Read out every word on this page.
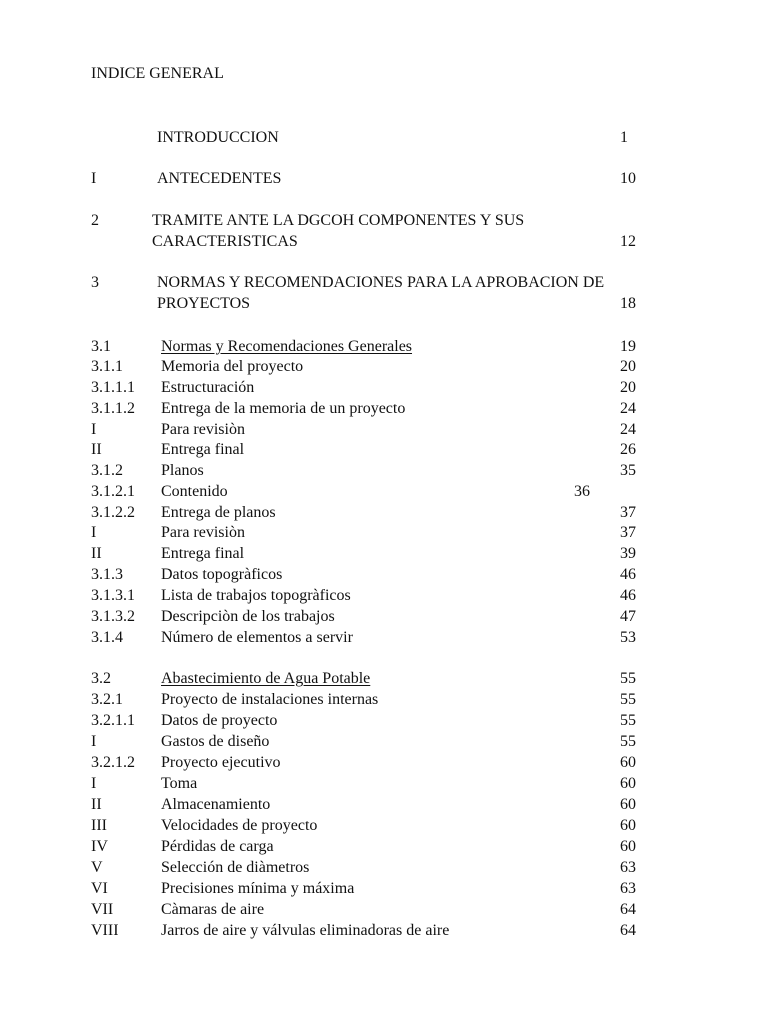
INDICE GENERAL
INTRODUCCION	1
I	ANTECEDENTES	10
2	TRAMITE ANTE LA DGCOH COMPONENTES Y SUS
CARACTERISTICAS	12
3	NORMAS Y RECOMENDACIONES PARA LA APROBACION DE
PROYECTOS	18
3.1	Normas y Recomendaciones Generales	19
3.1.1 Memoria del proyecto	20
3.1.1.1 Estructuración	20
3.1.1.2 Entrega de la memoria de un proyecto	24
I	Para revisiòn	24
II	Entrega final	26
3.1.2 Planos	35
3.1.2.1 Contenido	36
3.1.2.2 Entrega de planos	37
I	Para revisiòn	37
II	Entrega final	39
3.1.3 Datos topogràficos	46
3.1.3.1 Lista de trabajos topogràficos	46
3.1.3.2 Descripciòn de los trabajos	47
3.1.4 Número de elementos a servir	53
3.2	Abastecimiento de Agua Potable	55
3.2.1 Proyecto de instalaciones internas	55
3.2.1.1 Datos de proyecto	55
I	Gastos de diseño	55
3.2.1.2 Proyecto ejecutivo	60
I	Toma	60
II	Almacenamiento	60
III	Velocidades de proyecto	60
IV	Pérdidas de carga	60
V	Selección de diàmetros	63
VI	Precisiones mínima y máxima	63
VII	Càmaras de aire	64
VIII	Jarros de aire y válvulas eliminadoras de aire	64
